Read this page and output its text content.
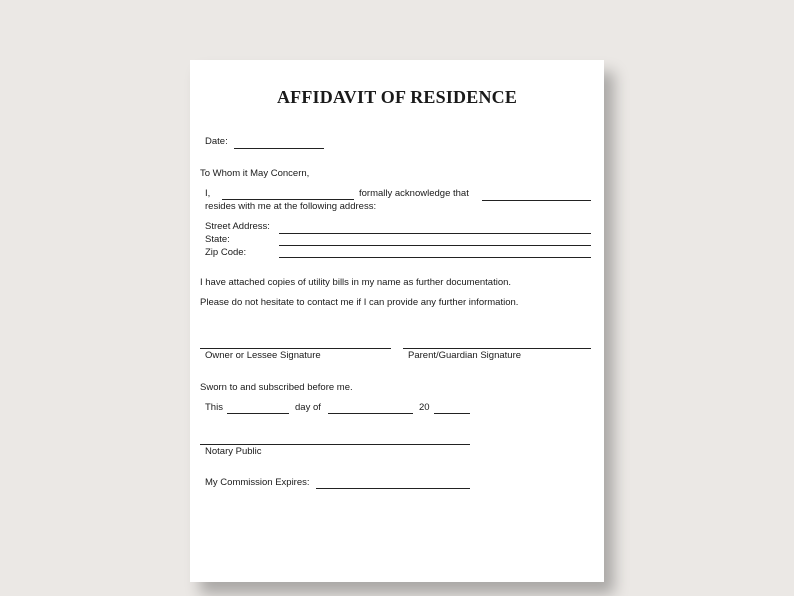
AFFIDAVIT OF RESIDENCE
Date:
To Whom it May Concern,
I,	formally acknowledge that
resides with me at the following address:
Street Address:
State:
Zip Code:
I have attached copies of utility bills in my name as further documentation.
Please do not hesitate to contact me if I can provide any further information.
Owner or Lessee Signature	Parent/Guardian Signature
Sworn to and subscribed before me.
This	day of	20
Notary Public
My Commission Expires:
